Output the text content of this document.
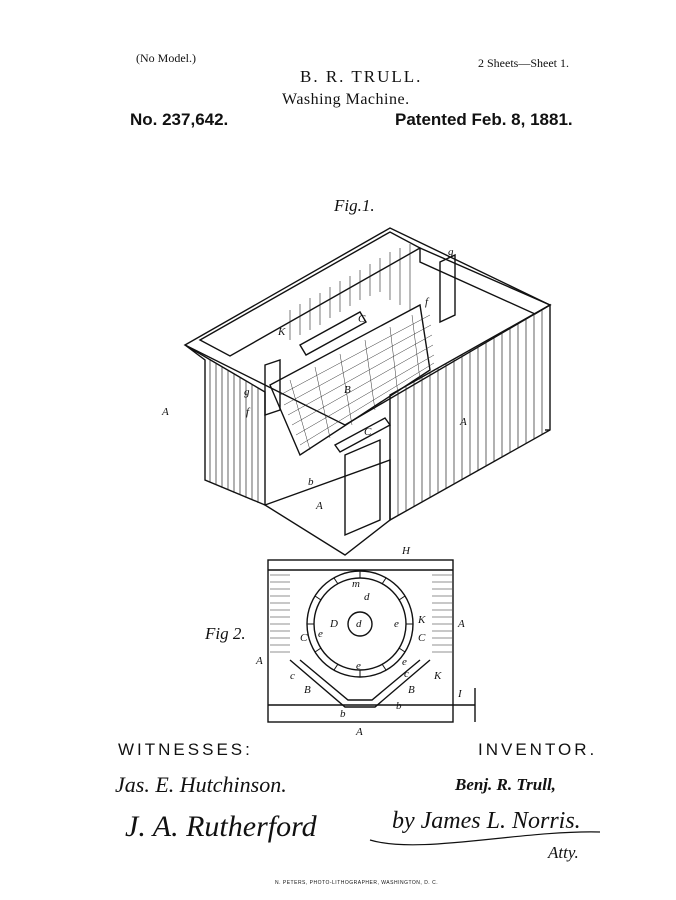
(No Model.)	2 Sheets—Sheet 1.
B. R. TRULL.
Washing Machine.
No. 237,642.	Patented Feb. 8, 1881.
Fig.1.
Fig 2.
g
f
K
C
A
g
f
A
B
C
b
A
H
m
d
D d
e
e K
C
C
A
A
e	e
c	c K
B	B
b
b
I
A
WITNESSES:
Jas. E. Hutchinson.
J. A. Rutherford
INVENTOR.
Benj. R. Trull,
by James L. Norris.
Atty.
N. PETERS, PHOTO-LITHOGRAPHER, WASHINGTON, D. C.
